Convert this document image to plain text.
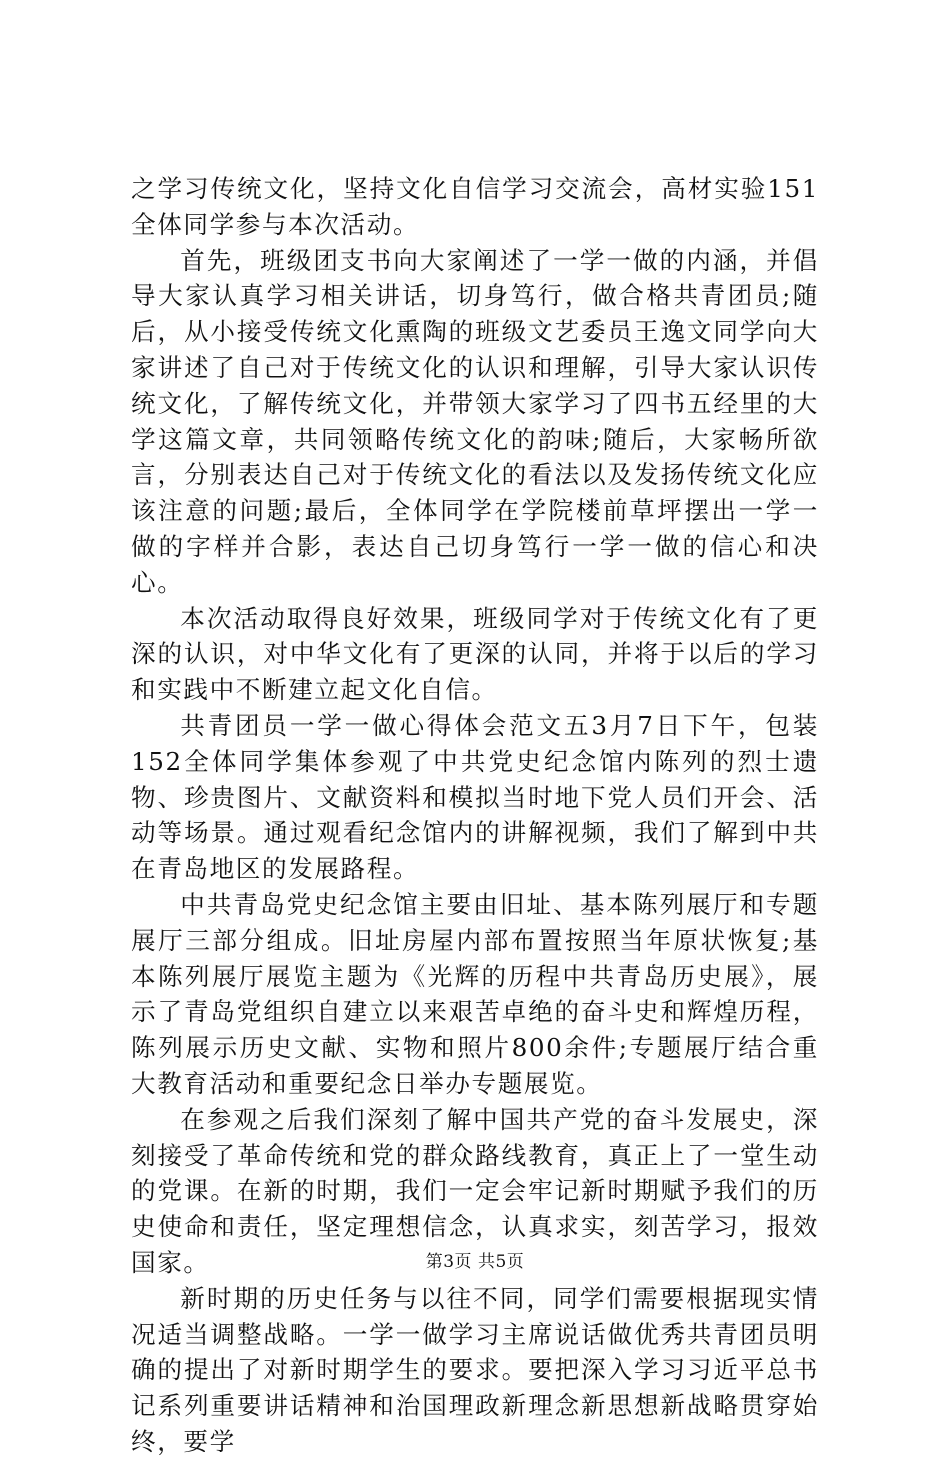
之学习传统文化，坚持文化自信学习交流会，高材实验151全体同学参与本次活动。

首先，班级团支书向大家阐述了一学一做的内涵，并倡导大家认真学习相关讲话，切身笃行，做合格共青团员;随后，从小接受传统文化熏陶的班级文艺委员王逸文同学向大家讲述了自己对于传统文化的认识和理解，引导大家认识传统文化，了解传统文化，并带领大家学习了四书五经里的大学这篇文章，共同领略传统文化的韵味;随后，大家畅所欲言，分别表达自己对于传统文化的看法以及发扬传统文化应该注意的问题;最后，全体同学在学院楼前草坪摆出一学一做的字样并合影，表达自己切身笃行一学一做的信心和决心。

本次活动取得良好效果，班级同学对于传统文化有了更深的认识，对中华文化有了更深的认同，并将于以后的学习和实践中不断建立起文化自信。

共青团员一学一做心得体会范文五3月7日下午，包装152全体同学集体参观了中共党史纪念馆内陈列的烈士遗物、珍贵图片、文献资料和模拟当时地下党人员们开会、活动等场景。通过观看纪念馆内的讲解视频，我们了解到中共在青岛地区的发展路程。

中共青岛党史纪念馆主要由旧址、基本陈列展厅和专题展厅三部分组成。旧址房屋内部布置按照当年原状恢复;基本陈列展厅展览主题为《光辉的历程中共青岛历史展》，展示了青岛党组织自建立以来艰苦卓绝的奋斗史和辉煌历程，陈列展示历史文献、实物和照片800余件;专题展厅结合重大教育活动和重要纪念日举办专题展览。

在参观之后我们深刻了解中国共产党的奋斗发展史，深刻接受了革命传统和党的群众路线教育，真正上了一堂生动的党课。在新的时期，我们一定会牢记新时期赋予我们的历史使命和责任，坚定理想信念，认真求实，刻苦学习，报效国家。

新时期的历史任务与以往不同，同学们需要根据现实情况适当调整战略。一学一做学习主席说话做优秀共青团员明确的提出了对新时期学生的要求。要把深入学习习近平总书记系列重要讲话精神和治国理政新理念新思想新战略贯穿始终，要学

第3页 共5页
